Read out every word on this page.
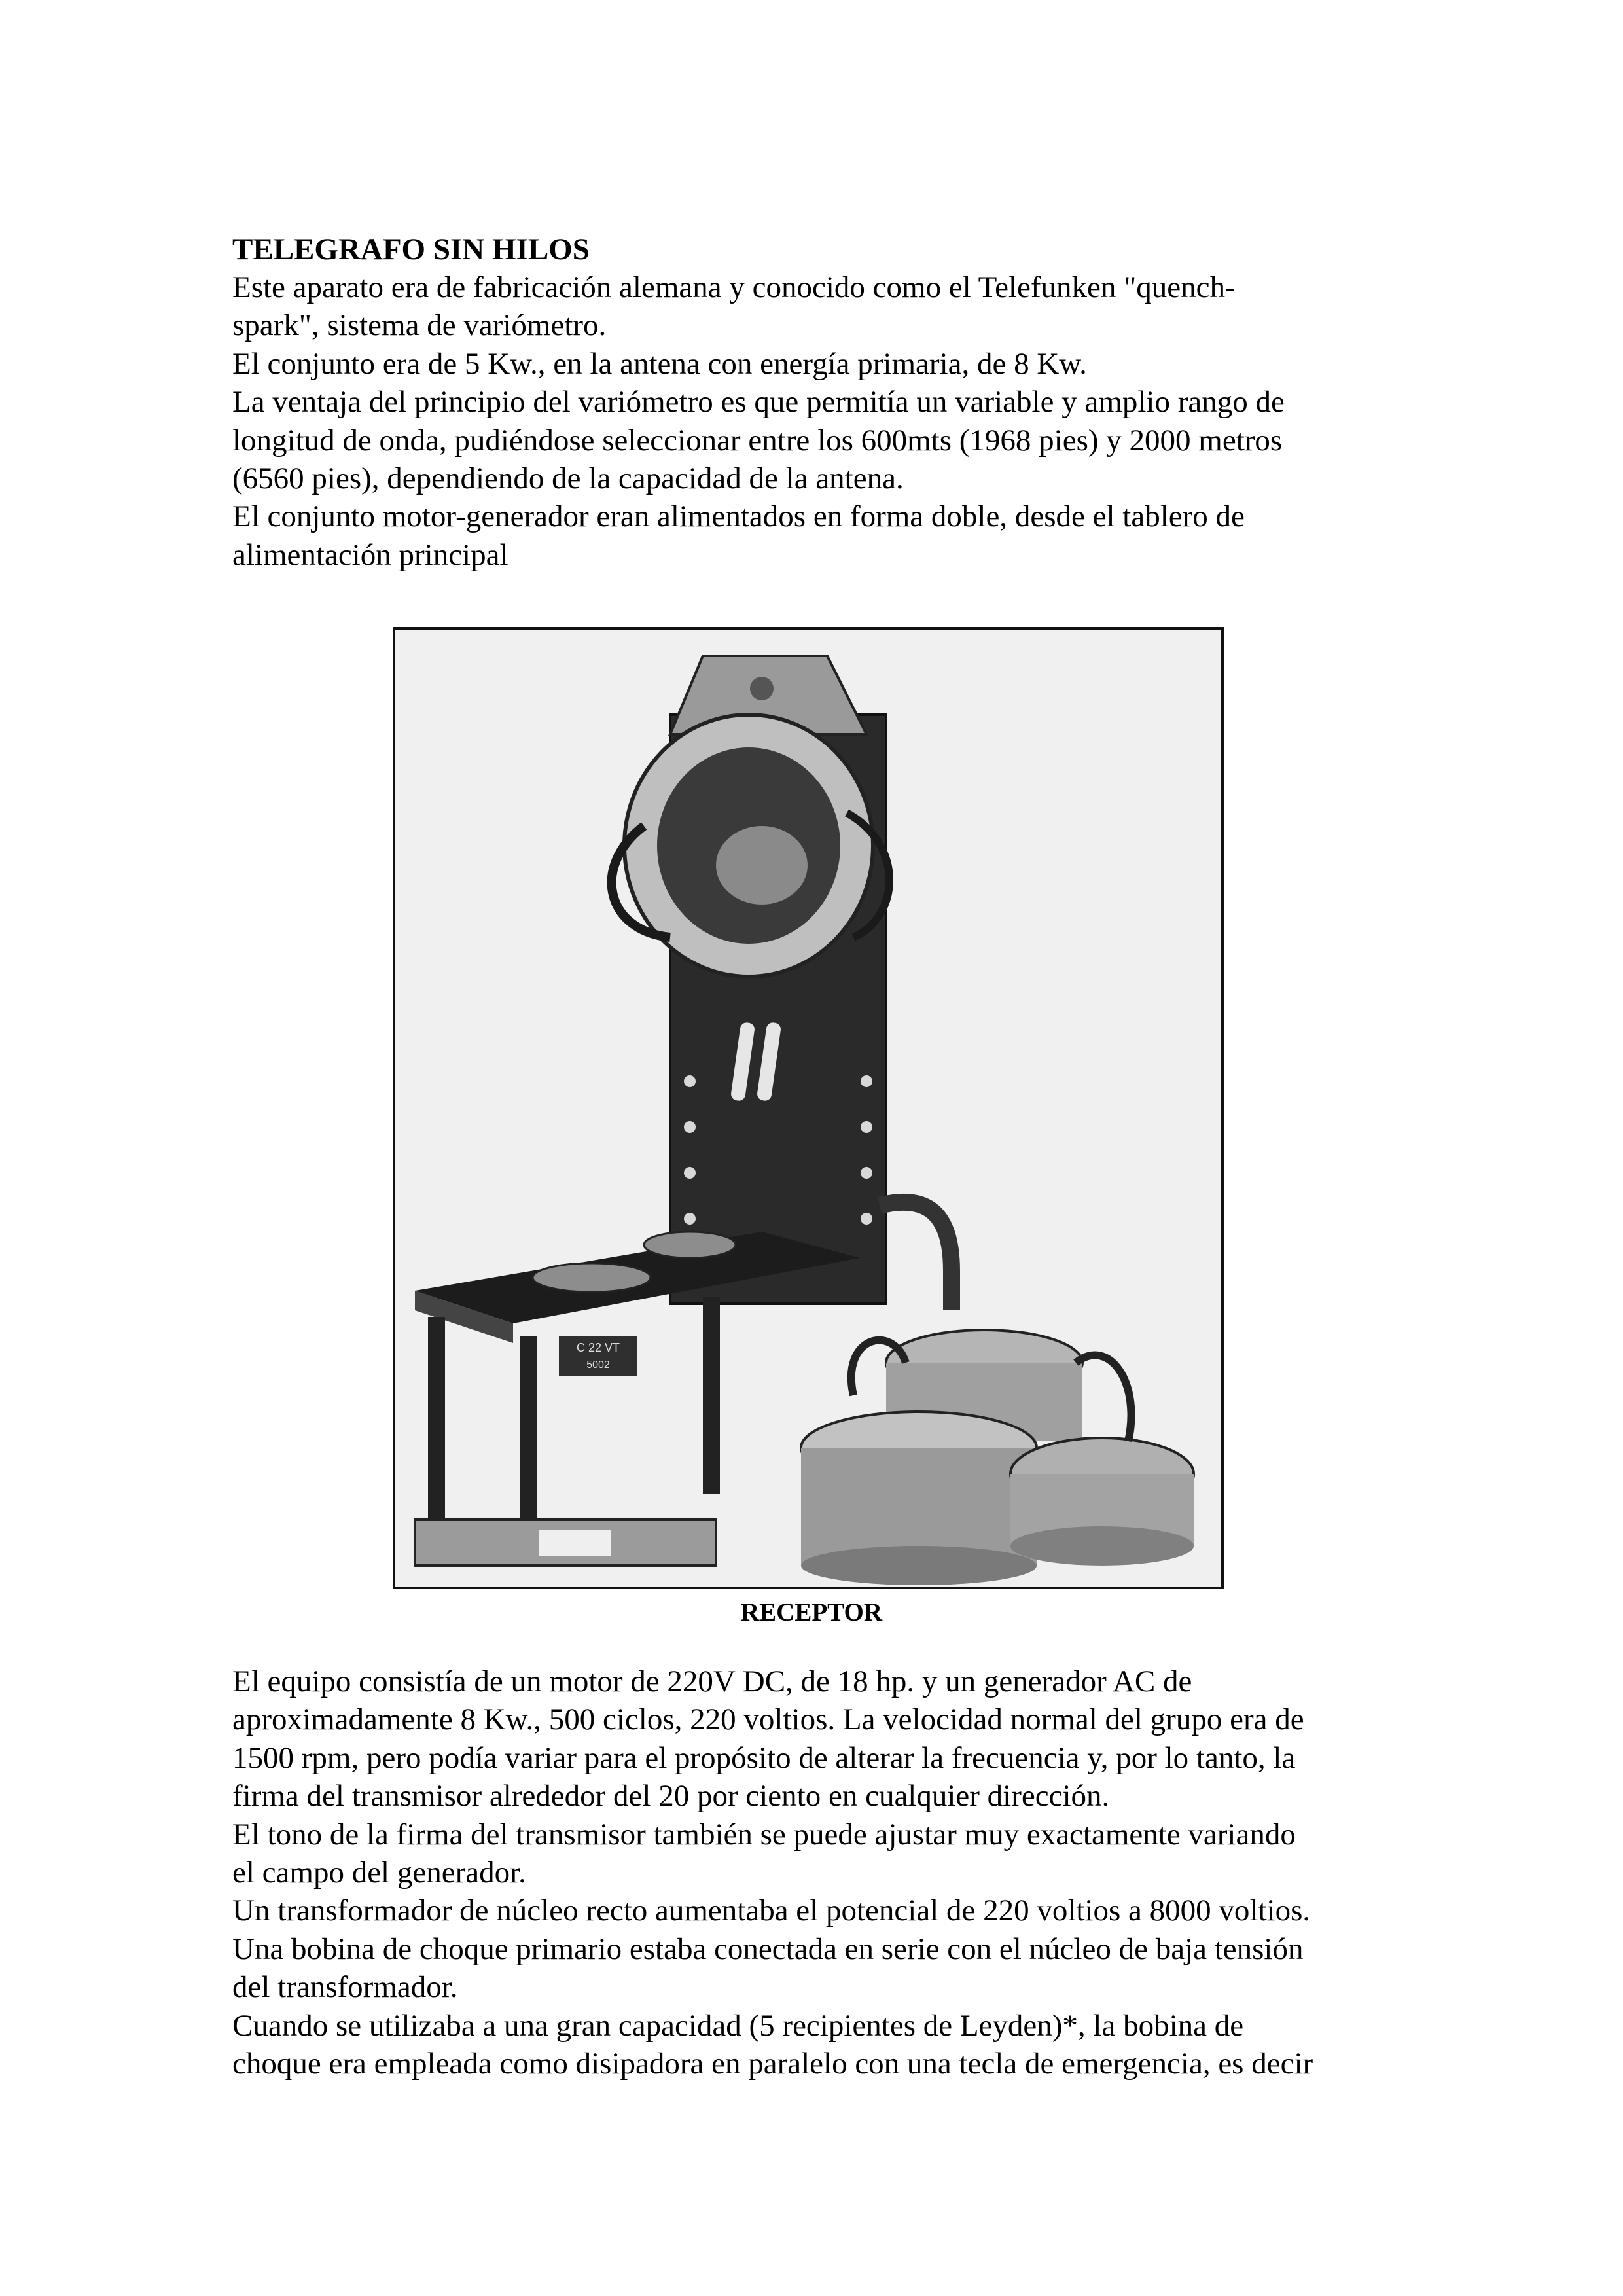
TELEGRAFO SIN HILOS

Este aparato era de fabricación alemana y conocido como el Telefunken "quench-

spark", sistema de variómetro.

El conjunto era de 5 Kw., en la antena con energía primaria, de 8 Kw.

La ventaja del principio del variómetro es que permitía un variable y amplio rango de

longitud de onda, pudiéndose seleccionar entre los 600mts (1968 pies) y 2000 metros

(6560 pies), dependiendo de la capacidad de la antena.

El conjunto motor-generador eran alimentados en forma doble, desde el tablero de

alimentación principal

C 22 VT
5002
RECEPTOR

El equipo consistía de un motor de 220V DC, de 18 hp. y un generador AC de

aproximadamente 8 Kw., 500 ciclos, 220 voltios. La velocidad normal del grupo era de

1500 rpm, pero podía variar para el propósito de alterar la frecuencia y, por lo tanto, la

firma del transmisor alrededor del 20 por ciento en cualquier dirección.

El tono de la firma del transmisor también se puede ajustar muy exactamente variando

el campo del generador.

Un transformador de núcleo recto aumentaba el potencial de 220 voltios a 8000 voltios.

Una bobina de choque primario estaba conectada en serie con el núcleo de baja tensión

del transformador.

Cuando se utilizaba a una gran capacidad (5 recipientes de Leyden)*, la bobina de

choque era empleada como disipadora en paralelo con una tecla de emergencia, es decir
